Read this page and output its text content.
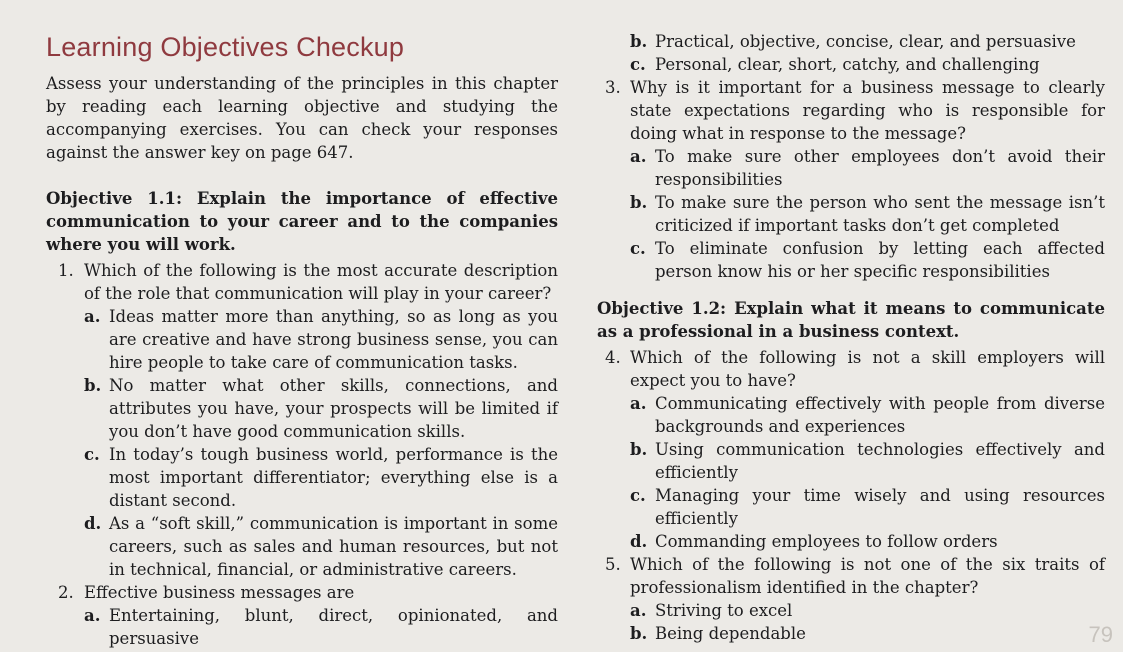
Learning Objectives Checkup

Assess your understanding of the principles in this chapter by reading each learning objective and studying the accompanying exercises. You can check your responses against the answer key on page 647.

Objective 1.1: Explain the importance of effective communication to your career and to the companies where you will work.

1. Which of the following is the most accurate description of the role that communication will play in your career?
a. Ideas matter more than anything, so as long as you are creative and have strong business sense, you can hire people to take care of communication tasks.
b. No matter what other skills, connections, and attributes you have, your prospects will be limited if you don’t have good communication skills.
c. In today’s tough business world, performance is the most important differentiator; everything else is a distant second.
d. As a “soft skill,” communication is important in some careers, such as sales and human resources, but not in technical, financial, or administrative careers.
2. Effective business messages are
a. Entertaining, blunt, direct, opinionated, and persuasive
b. Practical, objective, concise, clear, and persuasive
c. Personal, clear, short, catchy, and challenging
3. Why is it important for a business message to clearly state expectations regarding who is responsible for doing what in response to the message?
a. To make sure other employees don’t avoid their responsibilities
b. To make sure the person who sent the message isn’t criticized if important tasks don’t get completed
c. To eliminate confusion by letting each affected person know his or her specific responsibilities

Objective 1.2: Explain what it means to communicate as a professional in a business context.

4. Which of the following is not a skill employers will expect you to have?
a. Communicating effectively with people from diverse backgrounds and experiences
b. Using communication technologies effectively and efficiently
c. Managing your time wisely and using resources efficiently
d. Commanding employees to follow orders
5. Which of the following is not one of the six traits of professionalism identified in the chapter?
a. Striving to excel
b. Being dependable	79
